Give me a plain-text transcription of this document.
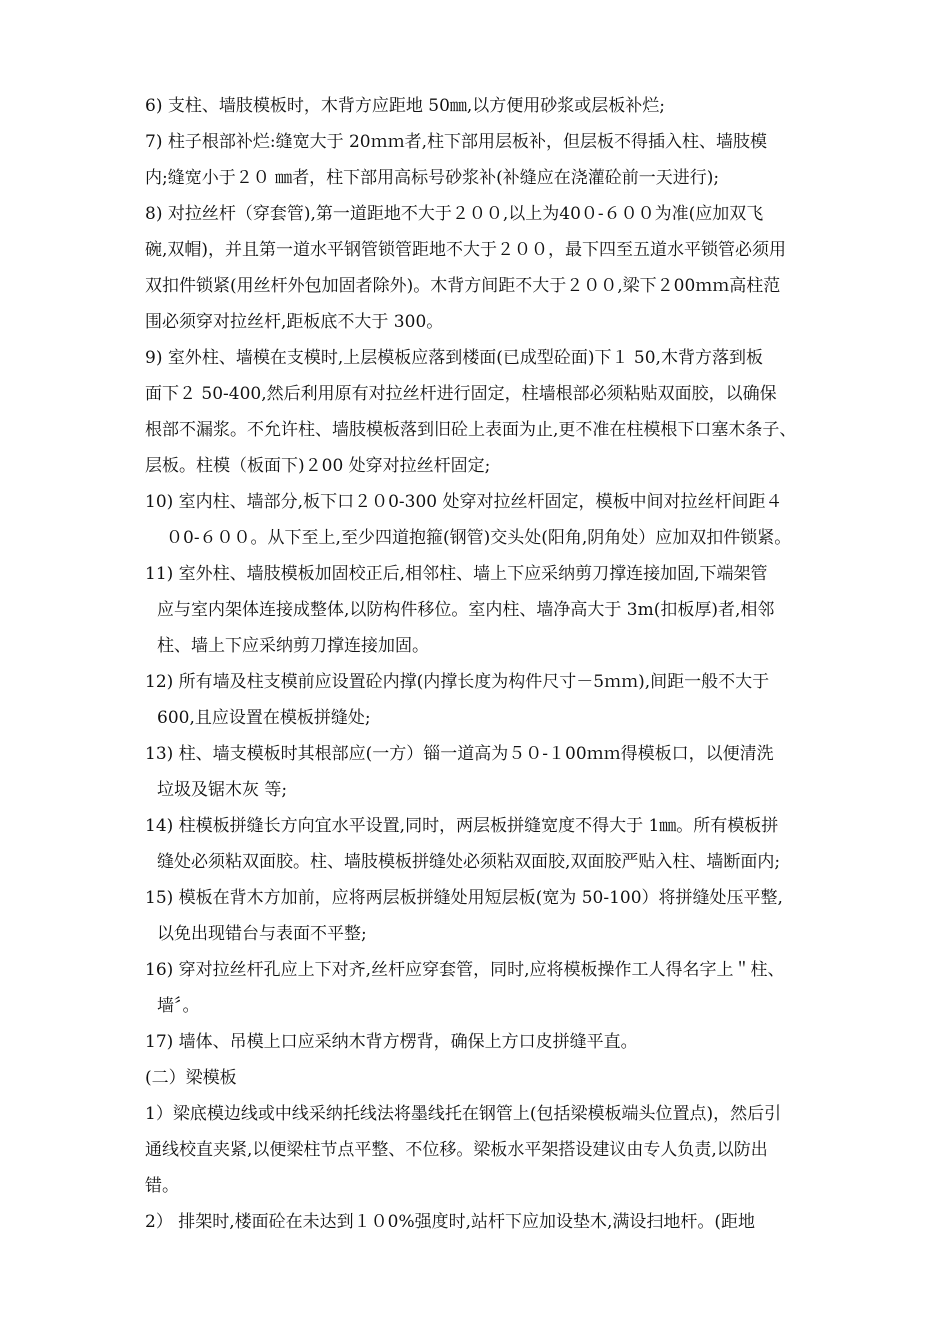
6) 支柱、墙肢模板时，木背方应距地 50㎜,以方便用砂浆或层板补烂;
7) 柱子根部补烂:缝宽大于 20ｍｍ者,柱下部用层板补，但层板不得插入柱、墙肢模
内;缝宽小于２０ ㎜者，柱下部用高标号砂浆补(补缝应在浇灌砼前一天进行);
8) 对拉丝杆（穿套管),第一道距地不大于２００,以上为40０-６００为准(应加双飞
碗,双帽)，并且第一道水平钢管锁管距地不大于２００，最下四至五道水平锁管必须用
双扣件锁紧(用丝杆外包加固者除外)。木背方间距不大于２００,梁下２00ｍｍ高柱范
围必须穿对拉丝杆,距板底不大于 300。
9) 室外柱、墙模在支模时,上层模板应落到楼面(已成型砼面)下１ 50,木背方落到板
面下２ 50-400,然后利用原有对拉丝杆进行固定，柱墙根部必须粘贴双面胶，以确保
根部不漏浆。不允许柱、墙肢模板落到旧砼上表面为止,更不准在柱模根下口塞木条子、
层板。柱模（板面下)２00 处穿对拉丝杆固定;
10) 室内柱、墙部分,板下口２０0-300 处穿对拉丝杆固定，模板中间对拉丝杆间距４
０0-６００。从下至上,至少四道抱箍(钢管)交头处(阳角,阴角处）应加双扣件锁紧。
11) 室外柱、墙肢模板加固校正后,相邻柱、墙上下应采纳剪刀撑连接加固,下端架管
应与室内架体连接成整体,以防构件移位。室内柱、墙净高大于 3m(扣板厚)者,相邻
柱、墙上下应采纳剪刀撑连接加固。
12) 所有墙及柱支模前应设置砼内撑(内撑长度为构件尺寸－5ｍｍ),间距一般不大于
600,且应设置在模板拼缝处;
13) 柱、墙支模板时其根部应(一方）锱一道高为５０-１00ｍｍ得模板口，以便清洗
垃圾及锯木灰 等;
14) 柱模板拼缝长方向宜水平设置,同时，两层板拼缝宽度不得大于 1㎜。所有模板拼
缝处必须粘双面胶。柱、墙肢模板拼缝处必须粘双面胶,双面胶严贴入柱、墙断面内;
15) 模板在背木方加前，应将两层板拼缝处用短层板(宽为 50-100）将拼缝处压平整,
以免出现错台与表面不平整;
16) 穿对拉丝杆孔应上下对齐,丝杆应穿套管，同时,应将模板操作工人得名字上＂柱、
墙〞。
17) 墙体、吊模上口应采纳木背方楞背，确保上方口皮拼缝平直。
(二）梁模板
1）梁底模边线或中线采纳托线法将墨线托在钢管上(包括梁模板端头位置点)，然后引
通线校直夹紧,以便梁柱节点平整、不位移。梁板水平架搭设建议由专人负责,以防出
错。
2） 排架时,楼面砼在未达到１０0%强度时,站杆下应加设垫木,满设扫地杆。(距地
